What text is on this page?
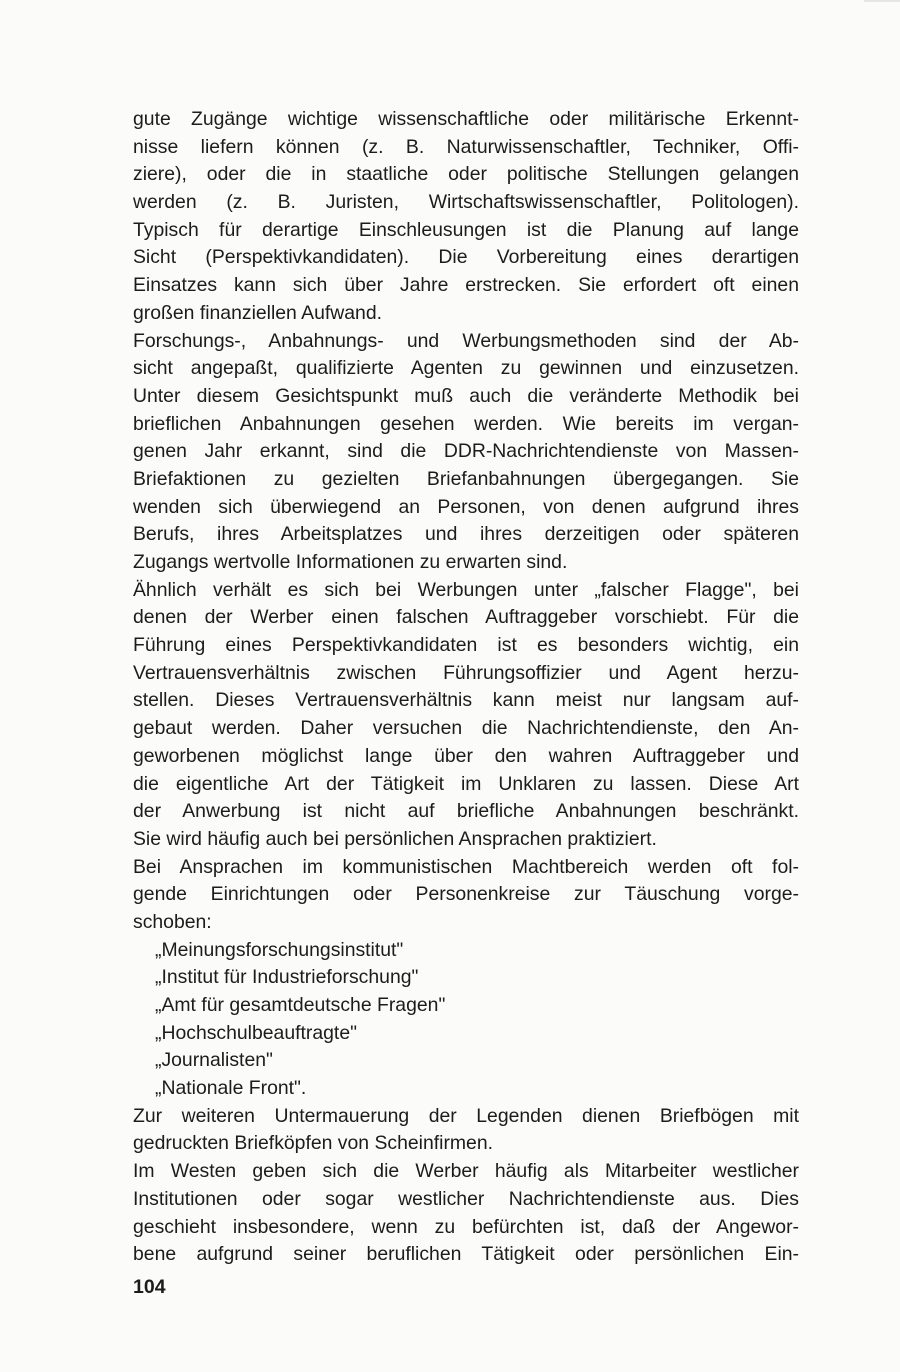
gute Zugänge wichtige wissenschaftliche oder militärische Erkennt-
nisse liefern können (z. B. Naturwissenschaftler, Techniker, Offi-
ziere), oder die in staatliche oder politische Stellungen gelangen
werden (z. B. Juristen, Wirtschaftswissenschaftler, Politologen).
Typisch für derartige Einschleusungen ist die Planung auf lange
Sicht (Perspektivkandidaten). Die Vorbereitung eines derartigen
Einsatzes kann sich über Jahre erstrecken. Sie erfordert oft einen
großen finanziellen Aufwand.
Forschungs-, Anbahnungs- und Werbungsmethoden sind der Ab-
sicht angepaßt, qualifizierte Agenten zu gewinnen und einzusetzen.
Unter diesem Gesichtspunkt muß auch die veränderte Methodik bei
brieflichen Anbahnungen gesehen werden. Wie bereits im vergan-
genen Jahr erkannt, sind die DDR-Nachrichtendienste von Massen-
Briefaktionen zu gezielten Briefanbahnungen übergegangen. Sie
wenden sich überwiegend an Personen, von denen aufgrund ihres
Berufs, ihres Arbeitsplatzes und ihres derzeitigen oder späteren
Zugangs wertvolle Informationen zu erwarten sind.
Ähnlich verhält es sich bei Werbungen unter „falscher Flagge", bei
denen der Werber einen falschen Auftraggeber vorschiebt. Für die
Führung eines Perspektivkandidaten ist es besonders wichtig, ein
Vertrauensverhältnis zwischen Führungsoffizier und Agent herzu-
stellen. Dieses Vertrauensverhältnis kann meist nur langsam auf-
gebaut werden. Daher versuchen die Nachrichtendienste, den An-
geworbenen möglichst lange über den wahren Auftraggeber und
die eigentliche Art der Tätigkeit im Unklaren zu lassen. Diese Art
der Anwerbung ist nicht auf briefliche Anbahnungen beschränkt.
Sie wird häufig auch bei persönlichen Ansprachen praktiziert.
Bei Ansprachen im kommunistischen Machtbereich werden oft fol-
gende Einrichtungen oder Personenkreise zur Täuschung vorge-
schoben:
„Meinungsforschungsinstitut"
„Institut für Industrieforschung"
„Amt für gesamtdeutsche Fragen"
„Hochschulbeauftragte"
„Journalisten"
„Nationale Front".
Zur weiteren Untermauerung der Legenden dienen Briefbögen mit
gedruckten Briefköpfen von Scheinfirmen.
Im Westen geben sich die Werber häufig als Mitarbeiter westlicher
Institutionen oder sogar westlicher Nachrichtendienste aus. Dies
geschieht insbesondere, wenn zu befürchten ist, daß der Angewor-
bene aufgrund seiner beruflichen Tätigkeit oder persönlichen Ein-
104
